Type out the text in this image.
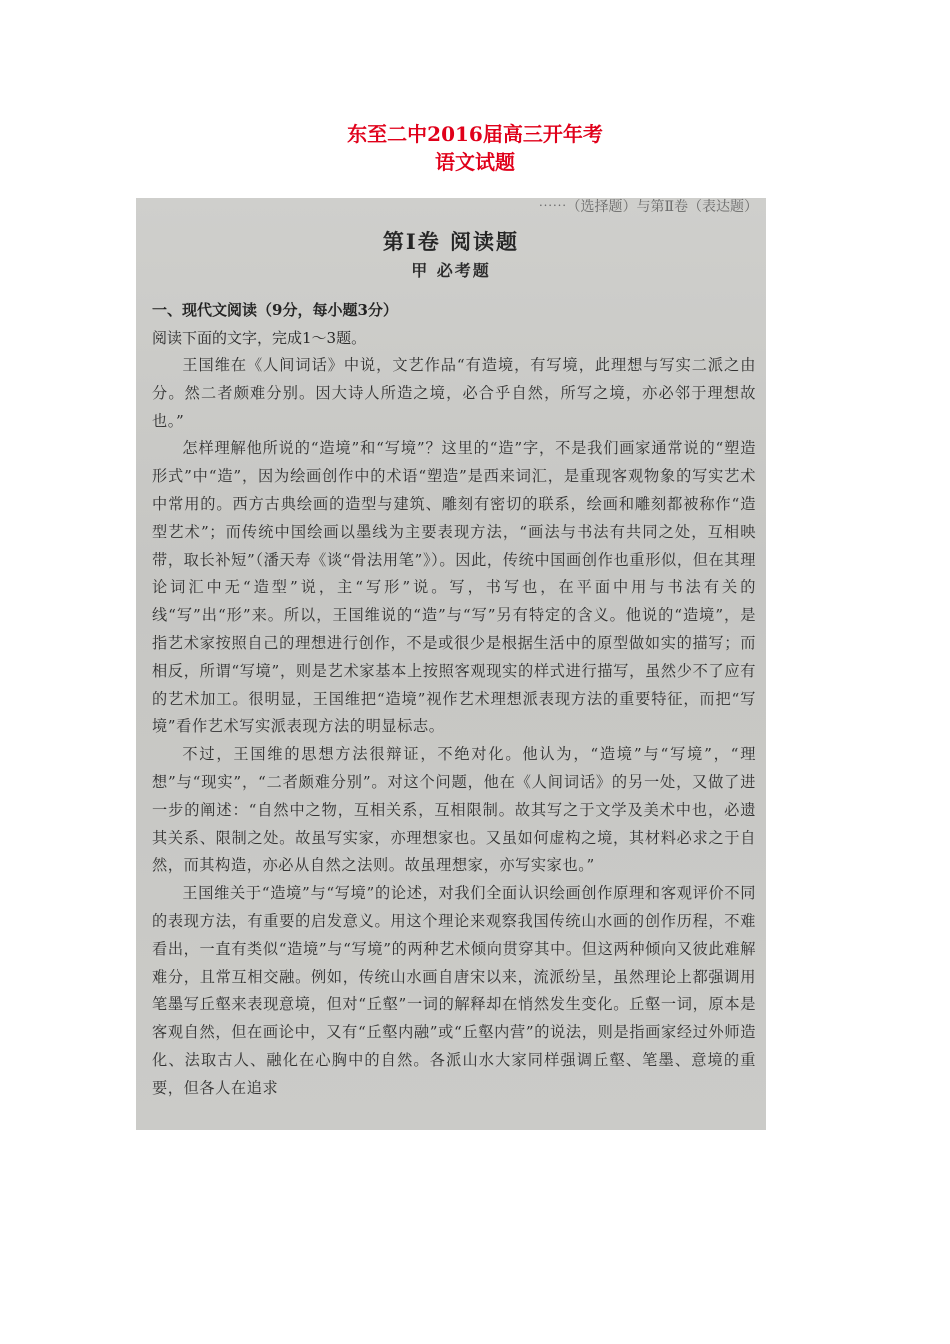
东至二中2016届高三开年考
语文试题
⋯⋯（选择题）与第Ⅱ卷（表达题）
第Ⅰ卷 阅读题
甲 必考题

一、现代文阅读（9分，每小题3分）

阅读下面的文字，完成1～3题。

王国维在《人间词话》中说，文艺作品“有造境，有写境，此理想与写实二派之由分。然二者颇难分别。因大诗人所造之境，必合乎自然，所写之境，亦必邻于理想故也。”

怎样理解他所说的“造境”和“写境”？这里的“造”字，不是我们画家通常说的“塑造形式”中“造”，因为绘画创作中的术语“塑造”是西来词汇，是重现客观物象的写实艺术中常用的。西方古典绘画的造型与建筑、雕刻有密切的联系，绘画和雕刻都被称作“造型艺术”；而传统中国绘画以墨线为主要表现方法，“画法与书法有共同之处，互相映带，取长补短”（潘天寿《谈“骨法用笔”》）。因此，传统中国画创作也重形似，但在其理论词汇中无“造型”说，主“写形”说。写，书写也，在平面中用与书法有关的线“写”出“形”来。所以，王国维说的“造”与“写”另有特定的含义。他说的“造境”，是指艺术家按照自己的理想进行创作，不是或很少是根据生活中的原型做如实的描写；而相反，所谓“写境”，则是艺术家基本上按照客观现实的样式进行描写，虽然少不了应有的艺术加工。很明显，王国维把“造境”视作艺术理想派表现方法的重要特征，而把“写境”看作艺术写实派表现方法的明显标志。

不过，王国维的思想方法很辩证，不绝对化。他认为，“造境”与“写境”，“理想”与“现实”，“二者颇难分别”。对这个问题，他在《人间词话》的另一处，又做了进一步的阐述：“自然中之物，互相关系，互相限制。故其写之于文学及美术中也，必遗其关系、限制之处。故虽写实家，亦理想家也。又虽如何虚构之境，其材料必求之于自然，而其构造，亦必从自然之法则。故虽理想家，亦写实家也。”

王国维关于“造境”与“写境”的论述，对我们全面认识绘画创作原理和客观评价不同的表现方法，有重要的启发意义。用这个理论来观察我国传统山水画的创作历程，不难看出，一直有类似“造境”与“写境”的两种艺术倾向贯穿其中。但这两种倾向又彼此难解难分，且常互相交融。例如，传统山水画自唐宋以来，流派纷呈，虽然理论上都强调用笔墨写丘壑来表现意境，但对“丘壑”一词的解释却在悄然发生变化。丘壑一词，原本是客观自然，但在画论中，又有“丘壑内融”或“丘壑内营”的说法，则是指画家经过外师造化、法取古人、融化在心胸中的自然。各派山水大家同样强调丘壑、笔墨、意境的重要，但各人在追求
